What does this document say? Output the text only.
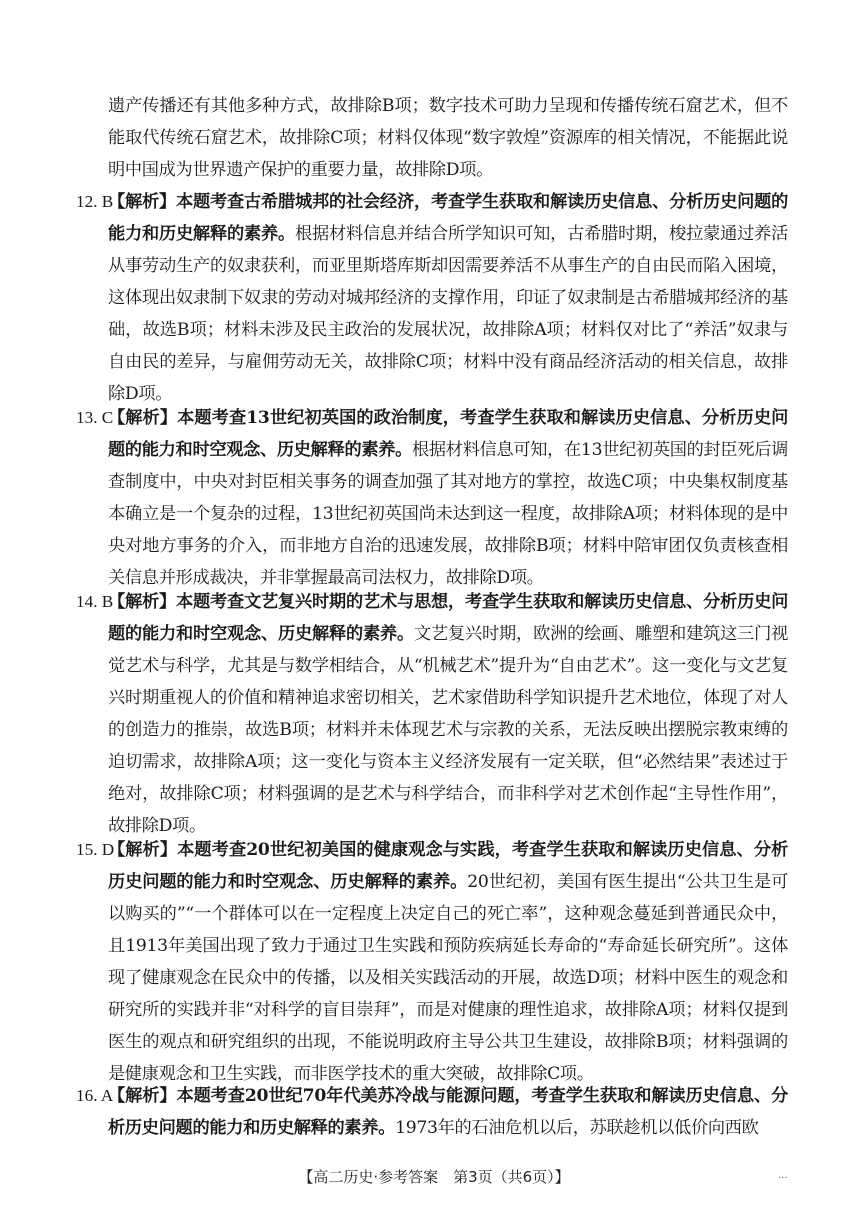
遗产传播还有其他多种方式，故排除B项；数字技术可助力呈现和传播传统石窟艺术，但不能取代传统石窟艺术，故排除C项；材料仅体现“数字敦煌”资源库的相关情况，不能据此说明中国成为世界遗产保护的重要力量，故排除D项。
12. B
【解析】本题考查古希腊城邦的社会经济，考查学生获取和解读历史信息、分析历史问题的能力和历史解释的素养。根据材料信息并结合所学知识可知，古希腊时期，梭拉蒙通过养活从事劳动生产的奴隶获利，而亚里斯塔库斯却因需要养活不从事生产的自由民而陷入困境，这体现出奴隶制下奴隶的劳动对城邦经济的支撑作用，印证了奴隶制是古希腊城邦经济的基础，故选B项；材料未涉及民主政治的发展状况，故排除A项；材料仅对比了“养活”奴隶与自由民的差异，与雇佣劳动无关，故排除C项；材料中没有商品经济活动的相关信息，故排除D项。
13. C
【解析】本题考查13世纪初英国的政治制度，考查学生获取和解读历史信息、分析历史问题的能力和时空观念、历史解释的素养。根据材料信息可知，在13世纪初英国的封臣死后调查制度中，中央对封臣相关事务的调查加强了其对地方的掌控，故选C项；中央集权制度基本确立是一个复杂的过程，13世纪初英国尚未达到这一程度，故排除A项；材料体现的是中央对地方事务的介入，而非地方自治的迅速发展，故排除B项；材料中陪审团仅负责核查相关信息并形成裁决，并非掌握最高司法权力，故排除D项。
14. B
【解析】本题考查文艺复兴时期的艺术与思想，考查学生获取和解读历史信息、分析历史问题的能力和时空观念、历史解释的素养。文艺复兴时期，欧洲的绘画、雕塑和建筑这三门视觉艺术与科学，尤其是与数学相结合，从“机械艺术”提升为“自由艺术”。这一变化与文艺复兴时期重视人的价值和精神追求密切相关，艺术家借助科学知识提升艺术地位，体现了对人的创造力的推崇，故选B项；材料并未体现艺术与宗教的关系，无法反映出摆脱宗教束缚的迫切需求，故排除A项；这一变化与资本主义经济发展有一定关联，但“必然结果”表述过于绝对，故排除C项；材料强调的是艺术与科学结合，而非科学对艺术创作起“主导性作用”，故排除D项。
15. D
【解析】本题考查20世纪初美国的健康观念与实践，考查学生获取和解读历史信息、分析历史问题的能力和时空观念、历史解释的素养。20世纪初，美国有医生提出“公共卫生是可以购买的”“一个群体可以在一定程度上决定自己的死亡率”，这种观念蔓延到普通民众中，且1913年美国出现了致力于通过卫生实践和预防疾病延长寿命的“寿命延长研究所”。这体现了健康观念在民众中的传播，以及相关实践活动的开展，故选D项；材料中医生的观念和研究所的实践并非“对科学的盲目崇拜”，而是对健康的理性追求，故排除A项；材料仅提到医生的观点和研究组织的出现，不能说明政府主导公共卫生建设，故排除B项；材料强调的是健康观念和卫生实践，而非医学技术的重大突破，故排除C项。
16. A
【解析】本题考查20世纪70年代美苏冷战与能源问题，考查学生获取和解读历史信息、分析历史问题的能力和历史解释的素养。1973年的石油危机以后，苏联趁机以低价向西欧
【高二历史·参考答案　第3页（共6页）】	...
